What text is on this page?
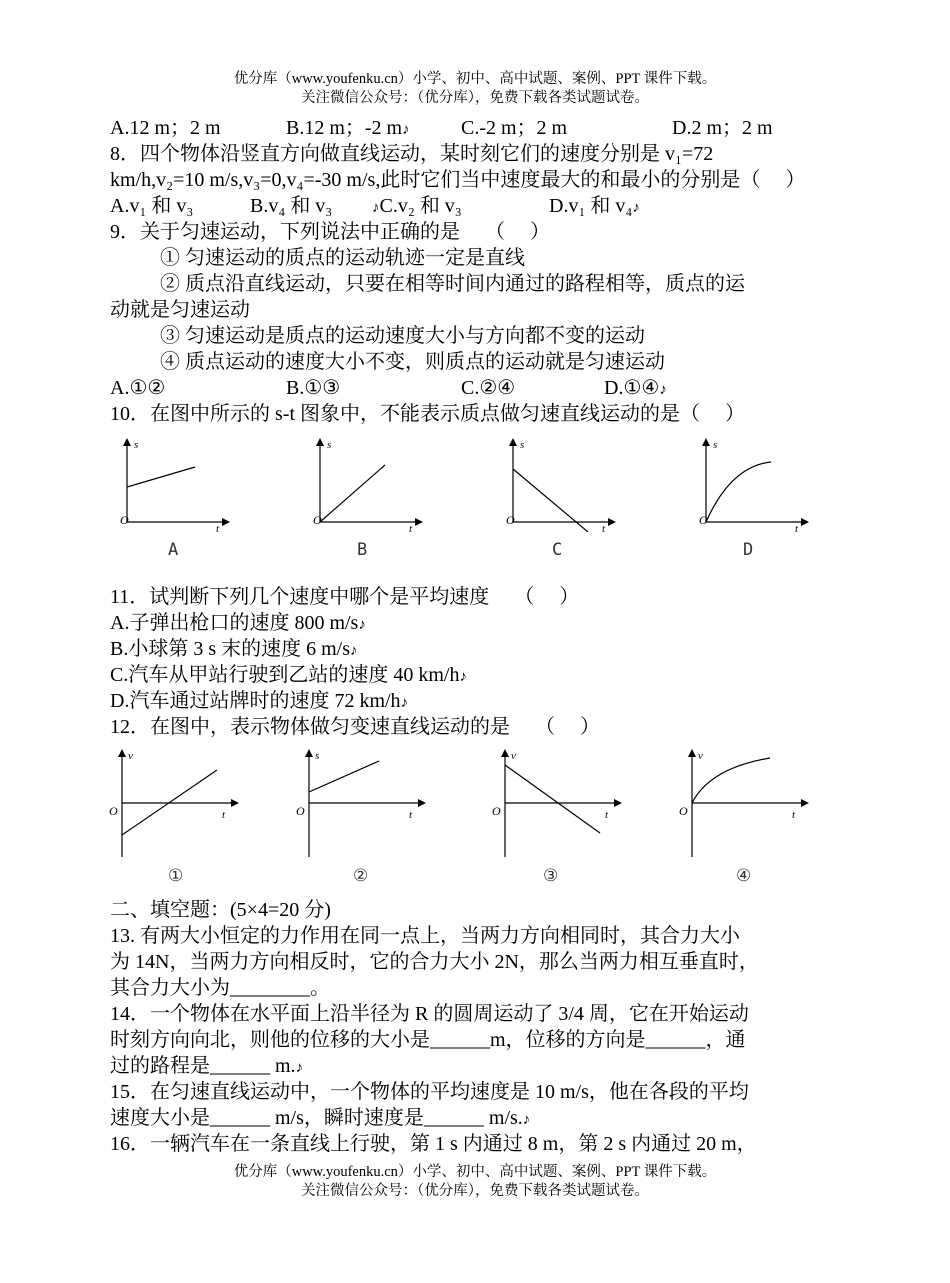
优分库（www.youfenku.cn）小学、初中、高中试题、案例、PPT 课件下载。
关注微信公众号：（优分库），免费下载各类试题试卷。
A.12 m；2 m	B.12 m；-2 m♪	C.-2 m；2 m	D.2 m；2 m
8．四个物体沿竖直方向做直线运动，某时刻它们的速度分别是 v₁=72
km/h,v₂=10 m/s,v₃=0,v₄=-30 m/s,此时它们当中速度最大的和最小的分别是（　 ）
A.v₁ 和 v₃	B.v₄ 和 v₃	♪C.v₂ 和 v₃	D.v₁ 和 v₄♪
9．关于匀速运动，下列说法中正确的是　 （　 ）
① 匀速运动的质点的运动轨迹一定是直线
② 质点沿直线运动，只要在相等时间内通过的路程相等，质点的运
动就是匀速运动
③ 匀速运动是质点的运动速度大小与方向都不变的运动
④ 质点运动的速度大小不变，则质点的运动就是匀速运动
A.①②	B.①③	C.②④	D.①④♪
10．在图中所示的 s-t 图象中，不能表示质点做匀速直线运动的是（　 ）
s
O
t
s
O
t
s
O
t
s
O
t
A	B	C	D
11．试判断下列几个速度中哪个是平均速度　 （　 ）
A.子弹出枪口的速度 800 m/s♪
B.小球第 3 s 末的速度 6 m/s♪
C.汽车从甲站行驶到乙站的速度 40 km/h♪
D.汽车通过站牌时的速度 72 km/h♪
12．在图中，表示物体做匀变速直线运动的是　 （　 ）
v
O	t
s
O	t
v
O	t
v
O	t
①	②	③	④
二、填空题：(5×4=20 分)
13. 有两大小恒定的力作用在同一点上，当两力方向相同时，其合力大小
为 14N，当两力方向相反时，它的合力大小 2N，那么当两力相互垂直时，
其合力大小为________。
14．一个物体在水平面上沿半径为 R 的圆周运动了 3/4 周，它在开始运动
时刻方向向北，则他的位移的大小是______m，位移的方向是______，通
过的路程是______ m.♪
15．在匀速直线运动中，一个物体的平均速度是 10 m/s，他在各段的平均
速度大小是______ m/s，瞬时速度是______ m/s.♪
16．一辆汽车在一条直线上行驶，第 1 s 内通过 8 m，第 2 s 内通过 20 m，
优分库（www.youfenku.cn）小学、初中、高中试题、案例、PPT 课件下载。
关注微信公众号：（优分库），免费下载各类试题试卷。
